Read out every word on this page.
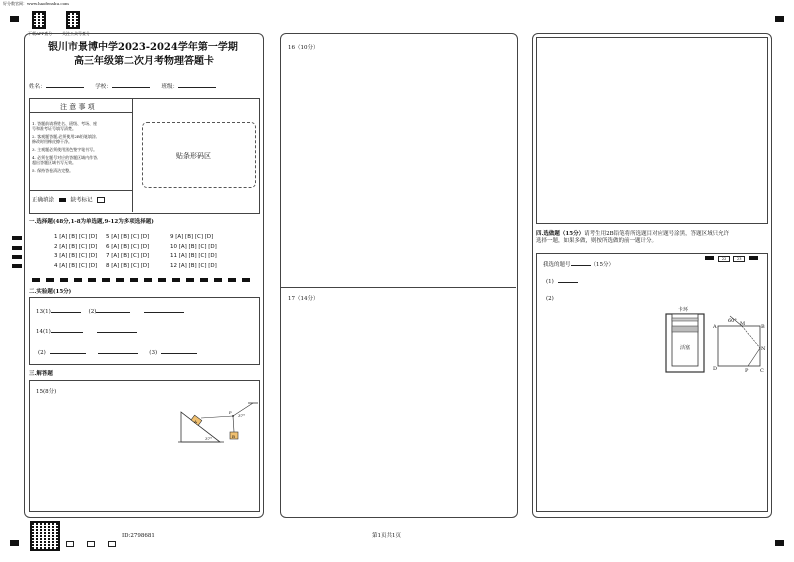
好分数官网：www.haofenshu.com
下载APP查分 关注公众号查分
银川市景博中学2023-2024学年第一学期
高三年级第二次月考物理答题卡
姓名：	学校：	班级：
注 意 事 项
1. 答题前请将姓名、班级、考场、座
号和准考证号填写清楚。
2. 客观题答题,必须使用2B铅笔填涂,
修改时用橡皮擦干净。
3. 主观题必须使用黑色签字笔书写。
4. 必须在题号对应的答题区域内作答,
超出答题区域书写无效。
5. 保持答卷清洁完整。
正确填涂	缺考标记
贴条形码区
一.选择题(48分,1-8为单选题,9-12为多项选择题)
1 [A] [B] [C] [D] 5 [A] [B] [C] [D]	9 [A] [B] [C] [D]
2 [A] [B] [C] [D] 6 [A] [B] [C] [D]	10 [A] [B] [C] [D]
3 [A] [B] [C] [D] 7 [A] [B] [C] [D]	11 [A] [B] [C] [D]
4 [A] [B] [C] [D] 8 [A] [B] [C] [D]	12 [A] [B] [C] [D]
二.实验题(15分)
13(1)	(2)
14(1)
(2)	(3)
三.解答题
15(8分)
A
P
37°
37°	B

ID:2798681	第1页共1页
16（10分）
17（14分）
四.选做题（15分）请考生用2B铅笔将所选题目对应题号涂黑，答题区域只允许
选择一题，如果多做，则按所选做的前一题计分。
22	23
我选的题号	（15分）
(1)
(2)
卡环
活塞
60°
A	B
M
N
D	P C
